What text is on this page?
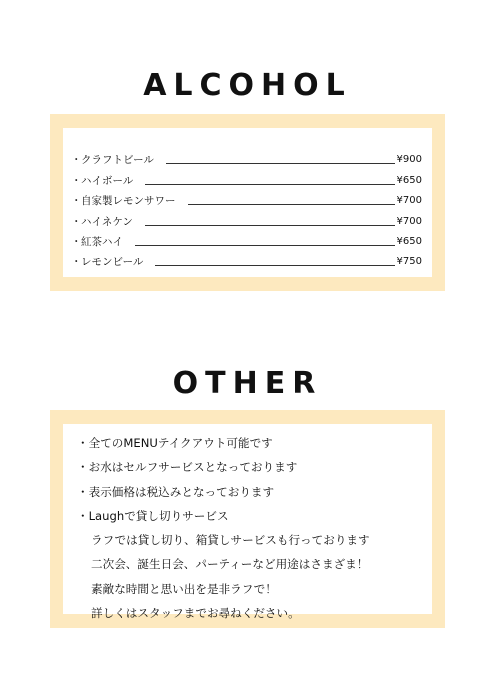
ALCOHOL
・ クラフトビール	¥900
・ ハイボール	¥650
・ 自家製レモンサワー	¥700
・ ハイネケン	¥700
・ 紅茶ハイ	¥650
・ レモンビール	¥750
OTHER
・全てのMENUテイクアウト可能です
・お水はセルフサービスとなっております
・表示価格は税込みとなっております
・Laughで貸し切りサービス
ラフでは貸し切り、箱貸しサービスも行っております
二次会、誕生日会、パーティーなど用途はさまざま！
素敵な時間と思い出を是非ラフで！
詳しくはスタッフまでお尋ねください。
